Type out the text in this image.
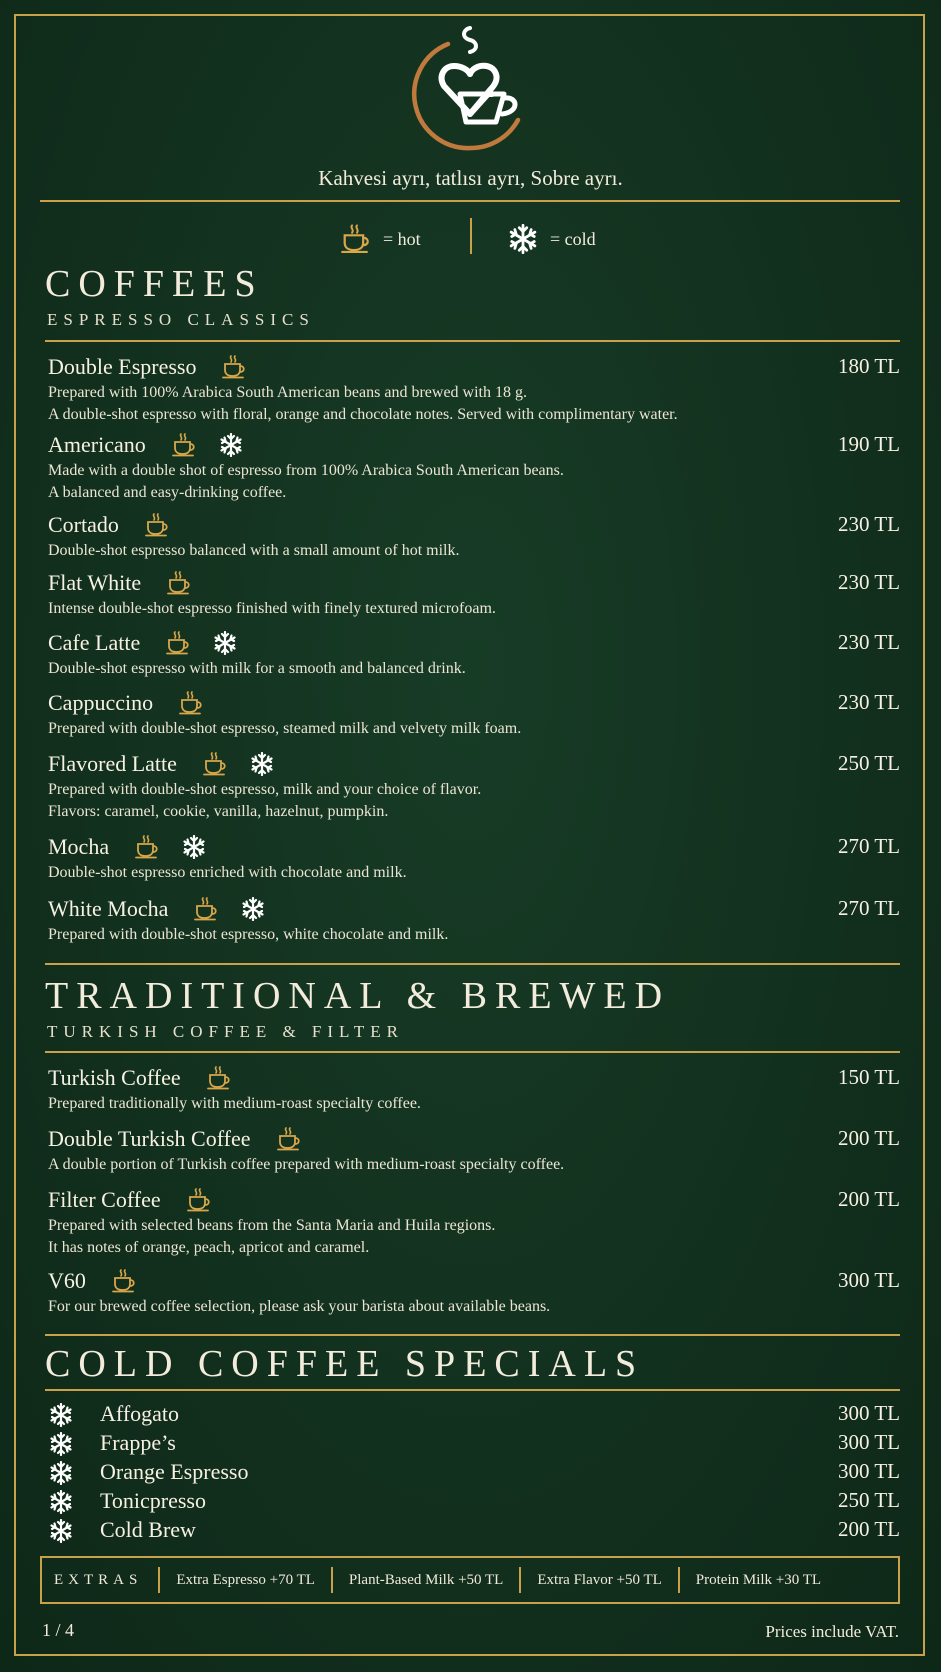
Kahvesi ayrı, tatlısı ayrı, Sobre ayrı.
= hot	= cold
COFFEES
ESPRESSO CLASSICS
Double Espresso	180 TL
Prepared with 100% Arabica South American beans and brewed with 18 g.
A double-shot espresso with floral, orange and chocolate notes. Served with complimentary water.
Americano	190 TL
Made with a double shot of espresso from 100% Arabica South American beans.
A balanced and easy-drinking coffee.
Cortado	230 TL
Double-shot espresso balanced with a small amount of hot milk.
Flat White	230 TL
Intense double-shot espresso finished with finely textured microfoam.
Cafe Latte	230 TL
Double-shot espresso with milk for a smooth and balanced drink.
Cappuccino	230 TL
Prepared with double-shot espresso, steamed milk and velvety milk foam.
Flavored Latte	250 TL
Prepared with double-shot espresso, milk and your choice of flavor.
Flavors: caramel, cookie, vanilla, hazelnut, pumpkin.
Mocha	270 TL
Double-shot espresso enriched with chocolate and milk.
White Mocha	270 TL
Prepared with double-shot espresso, white chocolate and milk.
TRADITIONAL & BREWED
TURKISH COFFEE & FILTER
Turkish Coffee	150 TL
Prepared traditionally with medium-roast specialty coffee.
Double Turkish Coffee	200 TL
A double portion of Turkish coffee prepared with medium-roast specialty coffee.
Filter Coffee	200 TL
Prepared with selected beans from the Santa Maria and Huila regions.
It has notes of orange, peach, apricot and caramel.
V60	300 TL
For our brewed coffee selection, please ask your barista about available beans.
COLD COFFEE SPECIALS
Affogato	300 TL
Frappe’s	300 TL
Orange Espresso	300 TL
Tonicpresso	250 TL
Cold Brew	200 TL
EXTRAS	Extra Espresso +70 TL	Plant-Based Milk +50 TL	Extra Flavor +50 TL	Protein Milk +30 TL
1 / 4	Prices include VAT.
